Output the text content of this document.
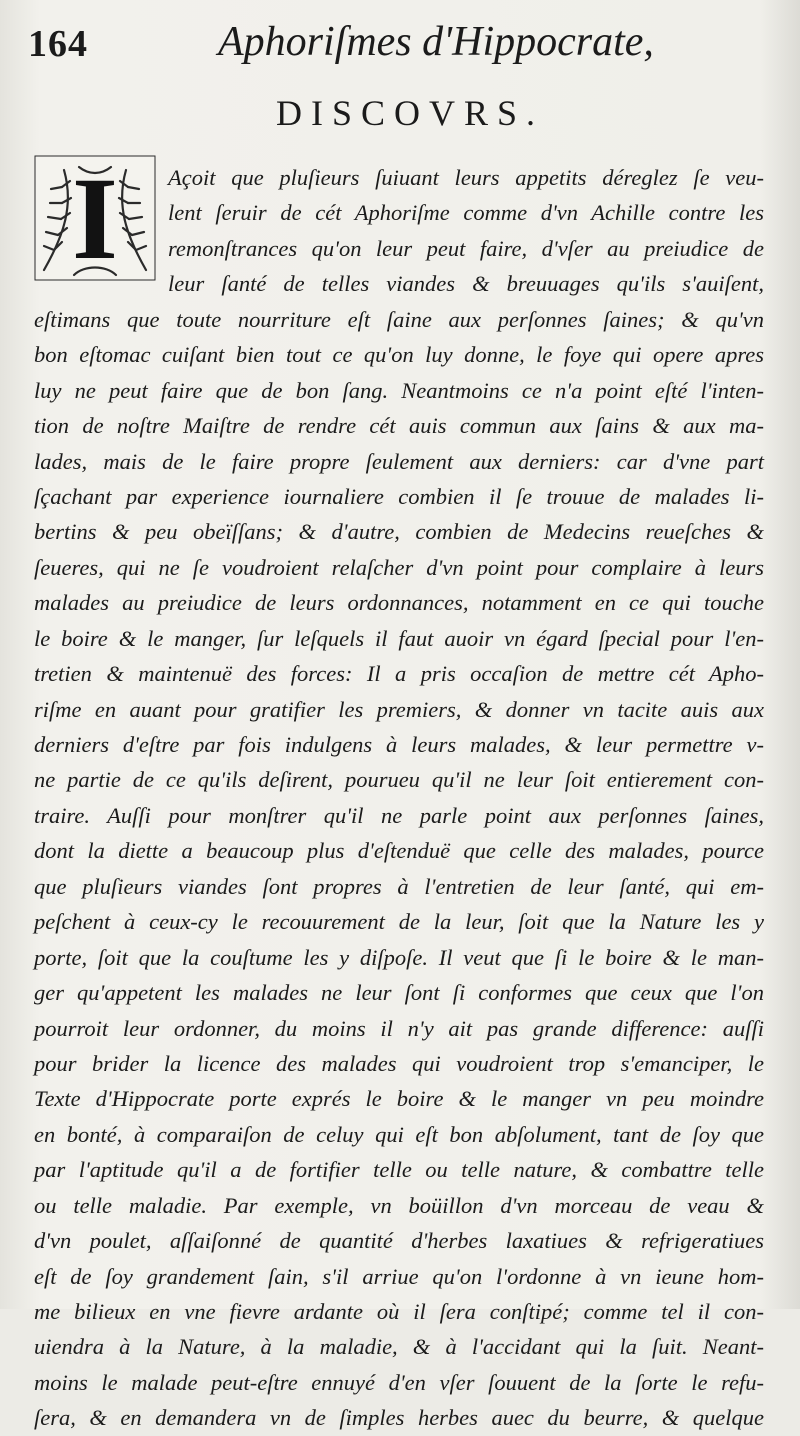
164	Aphoriſmes d'Hippocrate,
DISCOVRS.
I	Açoit que pluſieurs ſuiuant leurs appetits déreglez ſe veu-
lent ſeruir de cét Aphoriſme comme d'vn Achille contre les
remonſtrances qu'on leur peut faire, d'vſer au preiudice de
leur ſanté de telles viandes & breuuages qu'ils s'auiſent,
eſtimans que toute nourriture eſt ſaine aux perſonnes ſaines; & qu'vn
bon eſtomac cuiſant bien tout ce qu'on luy donne, le foye qui opere apres
luy ne peut faire que de bon ſang. Neantmoins ce n'a point eſté l'inten-
tion de noſtre Maiſtre de rendre cét auis commun aux ſains & aux ma-
lades, mais de le faire propre ſeulement aux derniers: car d'vne part
ſçachant par experience iournaliere combien il ſe trouue de malades li-
bertins & peu obeïſſans; & d'autre, combien de Medecins reueſches &
ſeueres, qui ne ſe voudroient relaſcher d'vn point pour complaire à leurs
malades au preiudice de leurs ordonnances, notamment en ce qui touche
le boire & le manger, ſur leſquels il faut auoir vn égard ſpecial pour l'en-
tretien & maintenuë des forces: Il a pris occaſion de mettre cét Apho-
riſme en auant pour gratifier les premiers, & donner vn tacite auis aux
derniers d'eſtre par fois indulgens à leurs malades, & leur permettre v-
ne partie de ce qu'ils deſirent, pourueu qu'il ne leur ſoit entierement con-
traire. Auſſi pour monſtrer qu'il ne parle point aux perſonnes ſaines,
dont la diette a beaucoup plus d'eſtenduë que celle des malades, pource
que pluſieurs viandes ſont propres à l'entretien de leur ſanté, qui em-
peſchent à ceux-cy le recouurement de la leur, ſoit que la Nature les y
porte, ſoit que la couſtume les y diſpoſe. Il veut que ſi le boire & le man-
ger qu'appetent les malades ne leur ſont ſi conformes que ceux que l'on
pourroit leur ordonner, du moins il n'y ait pas grande difference: auſſi
pour brider la licence des malades qui voudroient trop s'emanciper, le
Texte d'Hippocrate porte exprés le boire & le manger vn peu moindre
en bonté, à comparaiſon de celuy qui eſt bon abſolument, tant de ſoy que
par l'aptitude qu'il a de fortifier telle ou telle nature, & combattre telle
ou telle maladie. Par exemple, vn boüillon d'vn morceau de veau &
d'vn poulet, aſſaiſonné de quantité d'herbes laxatiues & refrigeratiues
eſt de ſoy grandement ſain, s'il arriue qu'on l'ordonne à vn ieune hom-
me bilieux en vne fievre ardante où il ſera conſtipé; comme tel il con-
uiendra à la Nature, à la maladie, & à l'accidant qui la ſuit. Neant-
moins le malade peut-eſtre ennuyé d'en vſer ſouuent de la ſorte le refu-
ſera, & en demandera vn de ſimples herbes auec du beurre, & quelque
